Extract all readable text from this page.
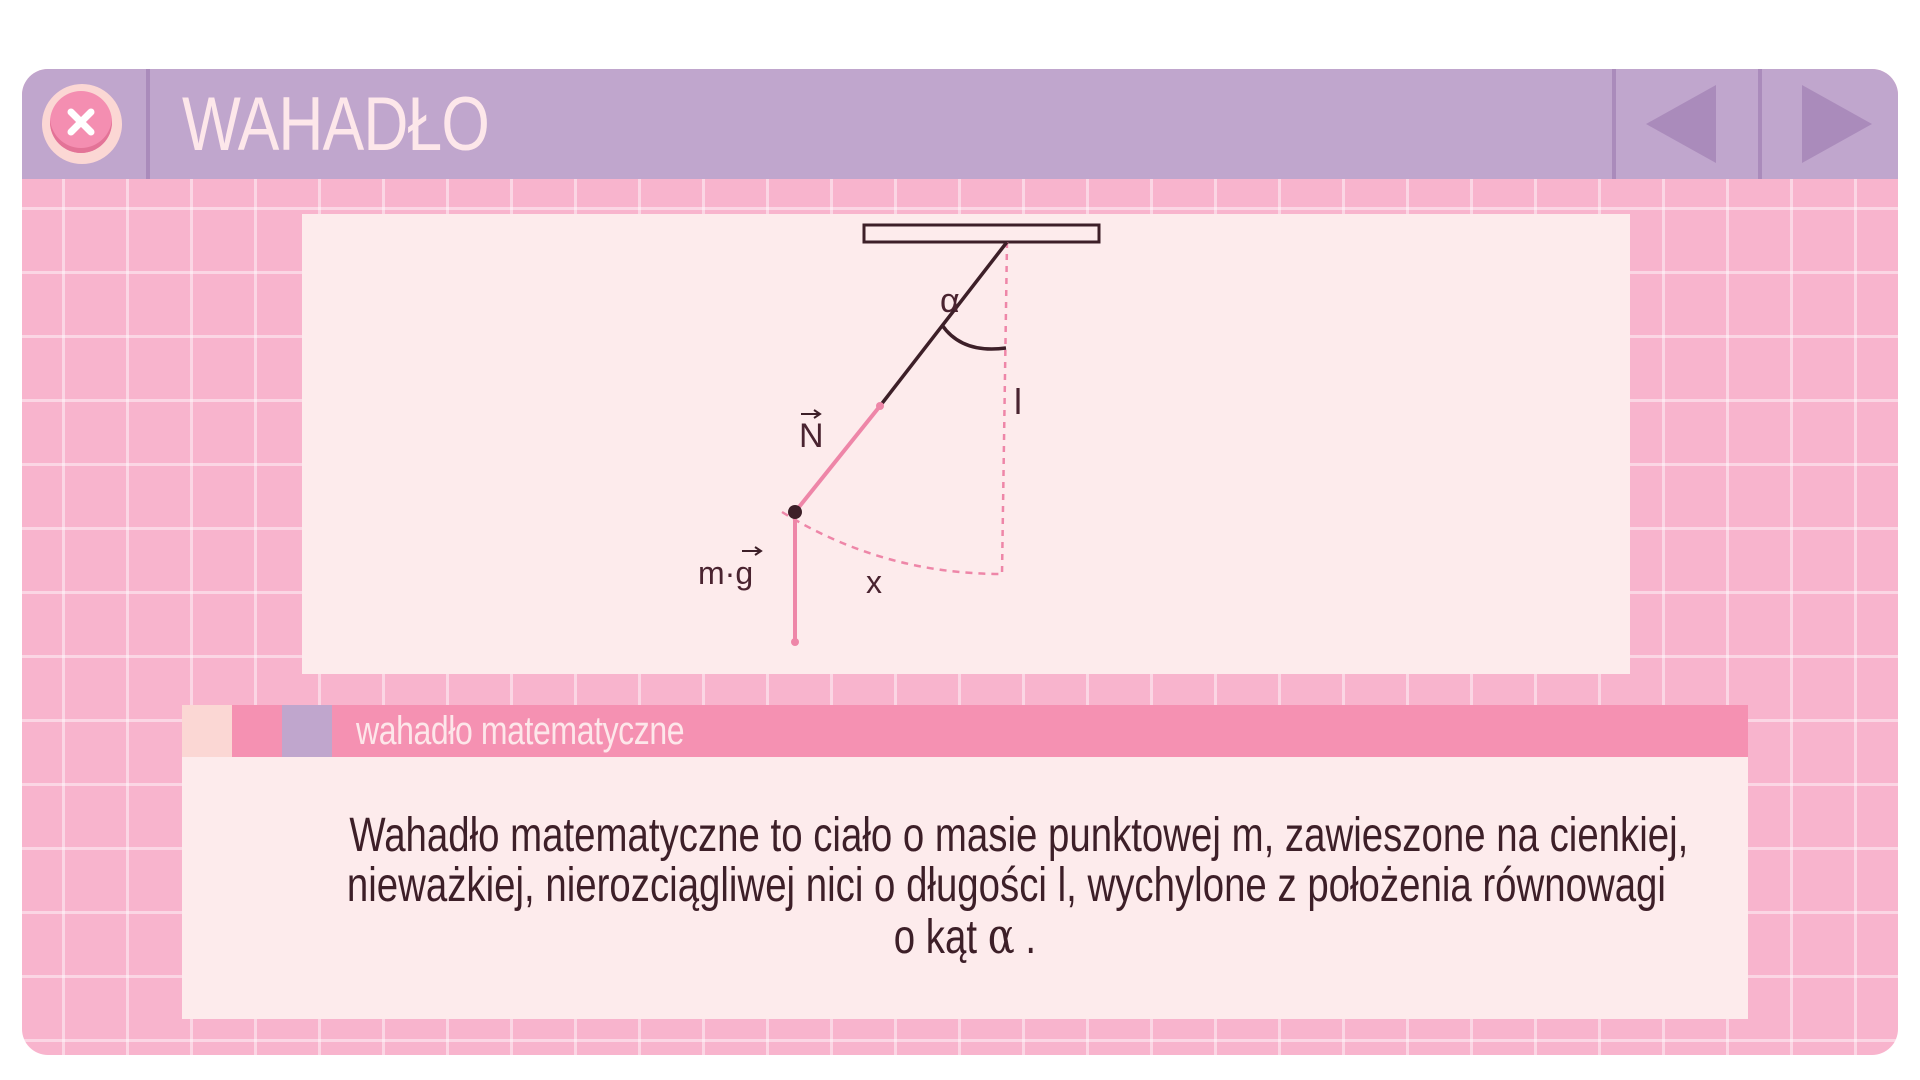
WAHADŁO
α
l
N
m·g	x
wahadło matematyczne
Wahadło matematyczne to ciało o masie punktowej m, zawieszone na cienkiej,
nieważkiej, nierozciągliwej nici o długości l, wychylone z położenia równowagi
o kąt α .
